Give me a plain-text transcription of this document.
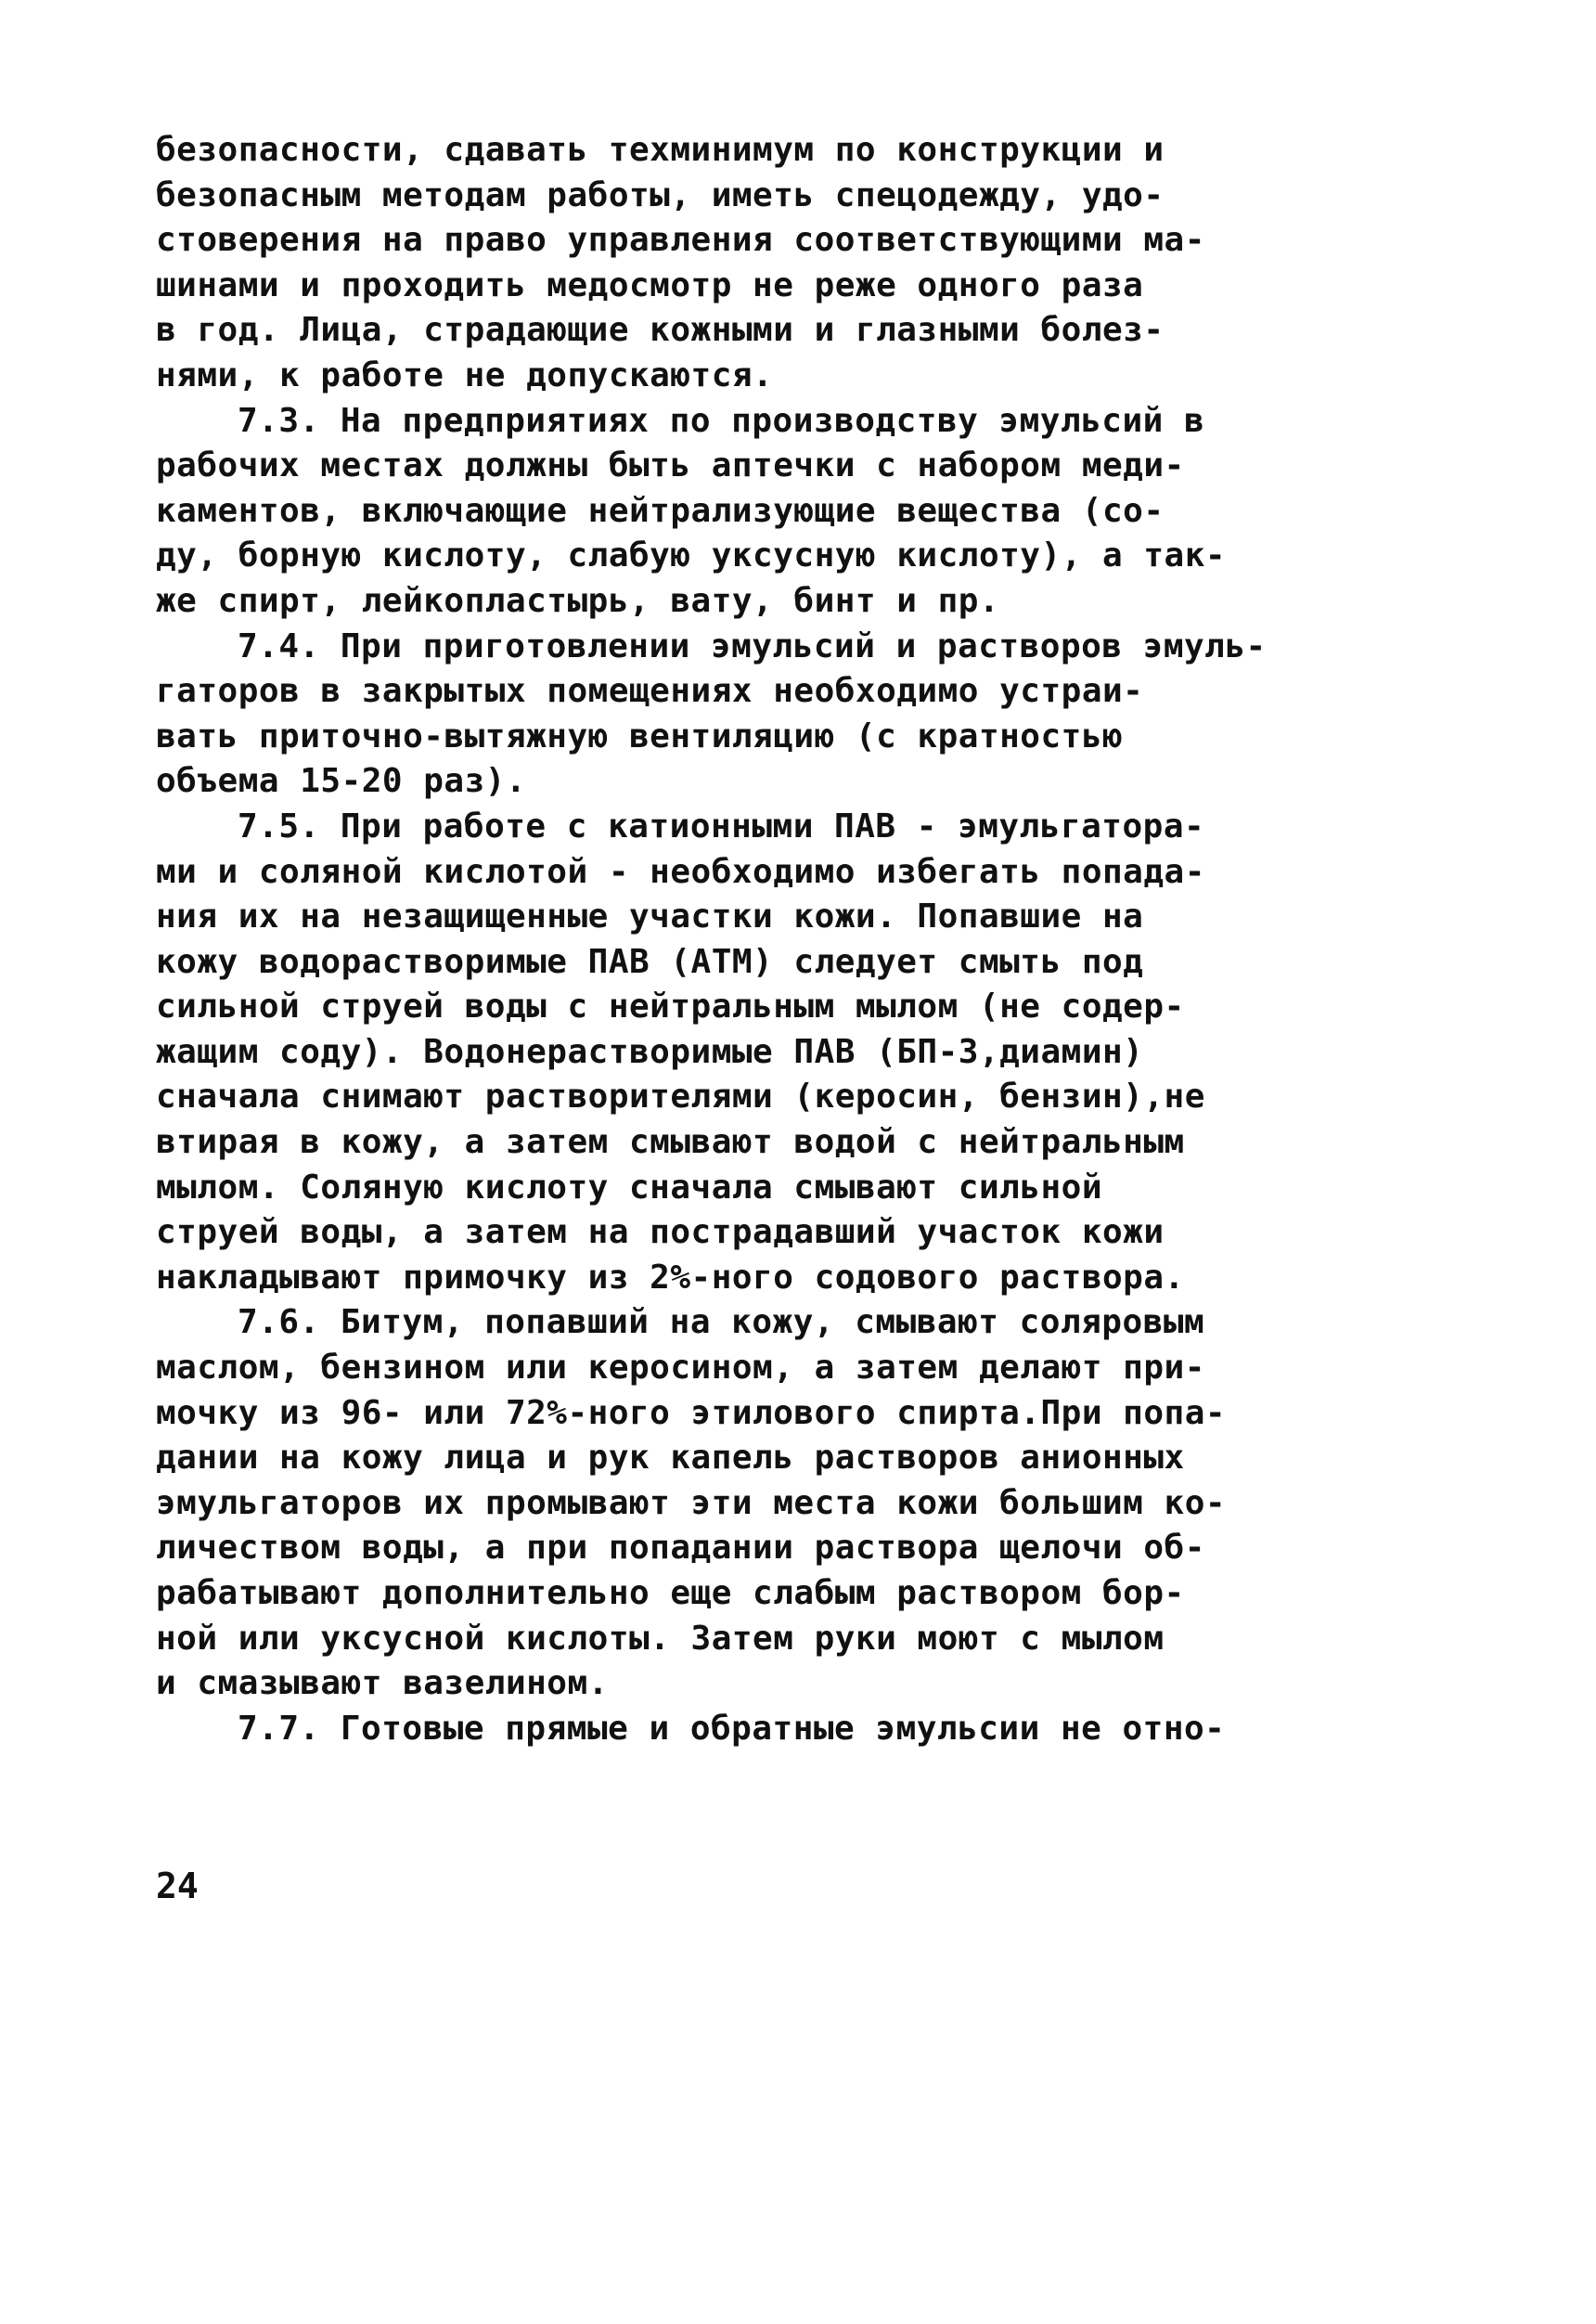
безопасности, сдавать техминимум по конструкции и
безопасным методам работы, иметь спецодежду, удо-
стоверения на право управления соответствующими ма-
шинами и проходить медосмотр не реже одного раза
в год. Лица, страдающие кожными и глазными болез-
нями, к работе не допускаются.
7.3. На предприятиях по производству эмульсий в
рабочих местах должны быть аптечки с набором меди-
каментов, включающие нейтрализующие вещества (со-
ду, борную кислоту, слабую уксусную кислоту), а так-
же спирт, лейкопластырь, вату, бинт и пр.
7.4. При приготовлении эмульсий и растворов эмуль-
гаторов в закрытых помещениях необходимо устраи-
вать приточно-вытяжную вентиляцию (с кратностью
объема 15-20 раз).
7.5. При работе с катионными ПАВ - эмульгатора-
ми и соляной кислотой - необходимо избегать попада-
ния их на незащищенные участки кожи. Попавшие на
кожу водорастворимые ПАВ (АТМ) следует смыть под
сильной струей воды с нейтральным мылом (не содер-
жащим соду). Водонерастворимые ПАВ (БП-3,диамин)
сначала снимают растворителями (керосин, бензин),не
втирая в кожу, а затем смывают водой с нейтральным
мылом. Соляную кислоту сначала смывают сильной
струей воды, а затем на пострадавший участок кожи
накладывают примочку из 2%-ного содового раствора.
7.6. Битум, попавший на кожу, смывают соляровым
маслом, бензином или керосином, а затем делают при-
мочку из 96- или 72%-ного этилового спирта.При попа-
дании на кожу лица и рук капель растворов анионных
эмульгаторов их промывают эти места кожи большим ко-
личеством воды, а при попадании раствора щелочи об-
рабатывают дополнительно еще слабым раствором бор-
ной или уксусной кислоты. Затем руки моют с мылом
и смазывают вазелином.
7.7. Готовые прямые и обратные эмульсии не отно-
24
